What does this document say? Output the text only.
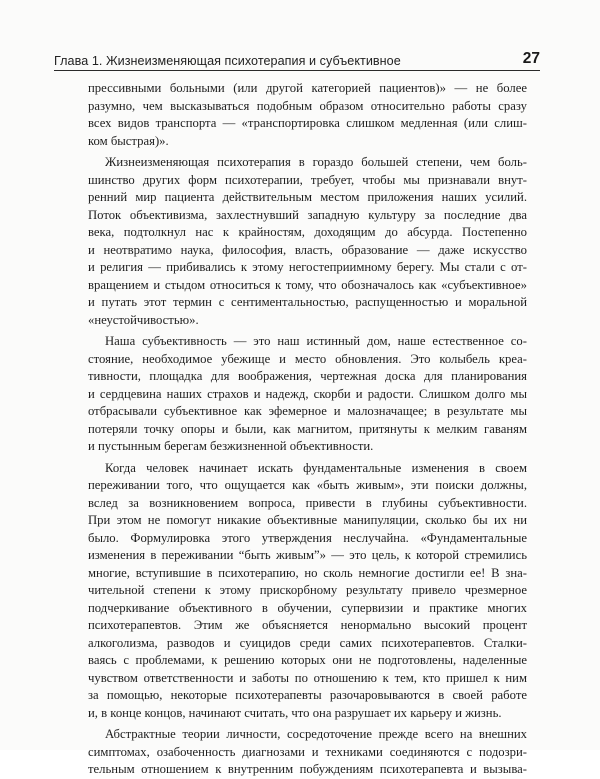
Глава 1. Жизнеизменяющая психотерапия и субъективное	27
прессивными больными (или другой категорией пациентов)» — не более
разумно, чем высказываться подобным образом относительно работы сразу
всех видов транспорта — «транспортировка слишком медленная (или слиш-
ком быстрая)».
Жизнеизменяющая психотерапия в гораздо большей степени, чем боль-
шинство других форм психотерапии, требует, чтобы мы признавали внут-
ренний мир пациента действительным местом приложения наших усилий.
Поток объективизма, захлестнувший западную культуру за последние два
века, подтолкнул нас к крайностям, доходящим до абсурда. Постепенно
и неотвратимо наука, философия, власть, образование — даже искусство
и религия — прибивались к этому негостеприимному берегу. Мы стали с от-
вращением и стыдом относиться к тому, что обозначалось как «субъективное»
и путать этот термин с сентиментальностью, распущенностью и моральной
«неустойчивостью».
Наша субъективность — это наш истинный дом, наше естественное со-
стояние, необходимое убежище и место обновления. Это колыбель креа-
тивности, площадка для воображения, чертежная доска для планирования
и сердцевина наших страхов и надежд, скорби и радости. Слишком долго мы
отбрасывали субъективное как эфемерное и малозначащее; в результате мы
потеряли точку опоры и были, как магнитом, притянуты к мелким гаваням
и пустынным берегам безжизненной объективности.
Когда человек начинает искать фундаментальные изменения в своем
переживании того, что ощущается как «быть живым», эти поиски должны,
вслед за возникновением вопроса, привести в глубины субъективности.
При этом не помогут никакие объективные манипуляции, сколько бы их ни
было. Формулировка этого утверждения неслучайна. «Фундаментальные
изменения в переживании “быть живым”» — это цель, к которой стремились
многие, вступившие в психотерапию, но сколь немногие достигли ее! В зна-
чительной степени к этому прискорбному результату привело чрезмерное
подчеркивание объективного в обучении, супервизии и практике многих
психотерапевтов. Этим же объясняется ненормально высокий процент
алкоголизма, разводов и суицидов среди самих психотерапевтов. Сталки-
ваясь с проблемами, к решению которых они не подготовлены, наделенные
чувством ответственности и заботы по отношению к тем, кто пришел к ним
за помощью, некоторые психотерапевты разочаровываются в своей работе
и, в конце концов, начинают считать, что она разрушает их карьеру и жизнь.
Абстрактные теории личности, сосредоточение прежде всего на внешних
симптомах, озабоченность диагнозами и техниками соединяются с подозри-
тельным отношением к внутренним побуждениям психотерапевта и вызыва-
